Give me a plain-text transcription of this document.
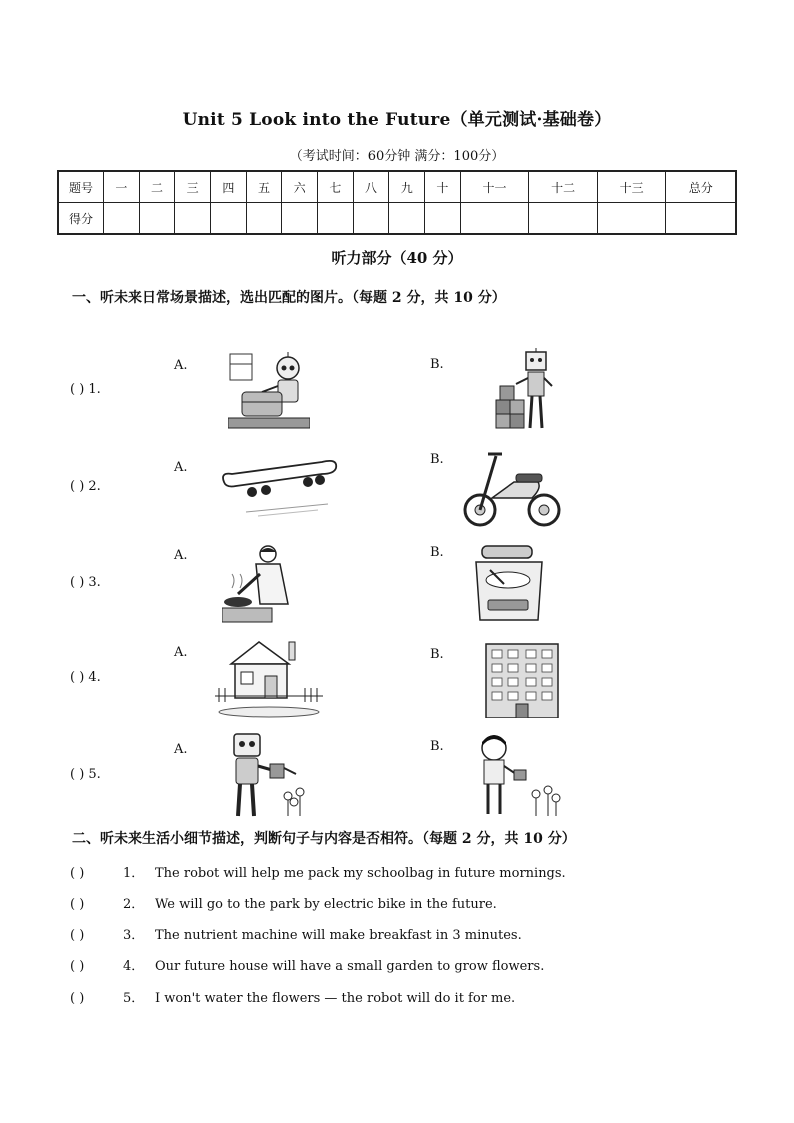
Unit 5 Look into the Future（单元测试·基础卷）
（考试时间：60分钟 满分：100分）
题号	一	二	三	四	五	六	七	八	九	十	十一	十二	十三	总分
得分														
听力部分（40 分）
一、听未来日常场景描述，选出匹配的图片。（每题 2 分，共 10 分）
( ) 1.
A.	B.
( ) 2.
A.
B.
( ) 3.
A.	B.
( ) 4.
A.	B.
( ) 5.
A.	B.
二、听未来生活小细节描述，判断句子与内容是否相符。（每题 2 分，共 10 分）
( )	1． The robot will help me pack my schoolbag in future mornings.
( )	2． We will go to the park by electric bike in the future.
( )	3． The nutrient machine will make breakfast in 3 minutes.
( )	4． Our future house will have a small garden to grow flowers.
( )	5． I won't water the flowers — the robot will do it for me.
